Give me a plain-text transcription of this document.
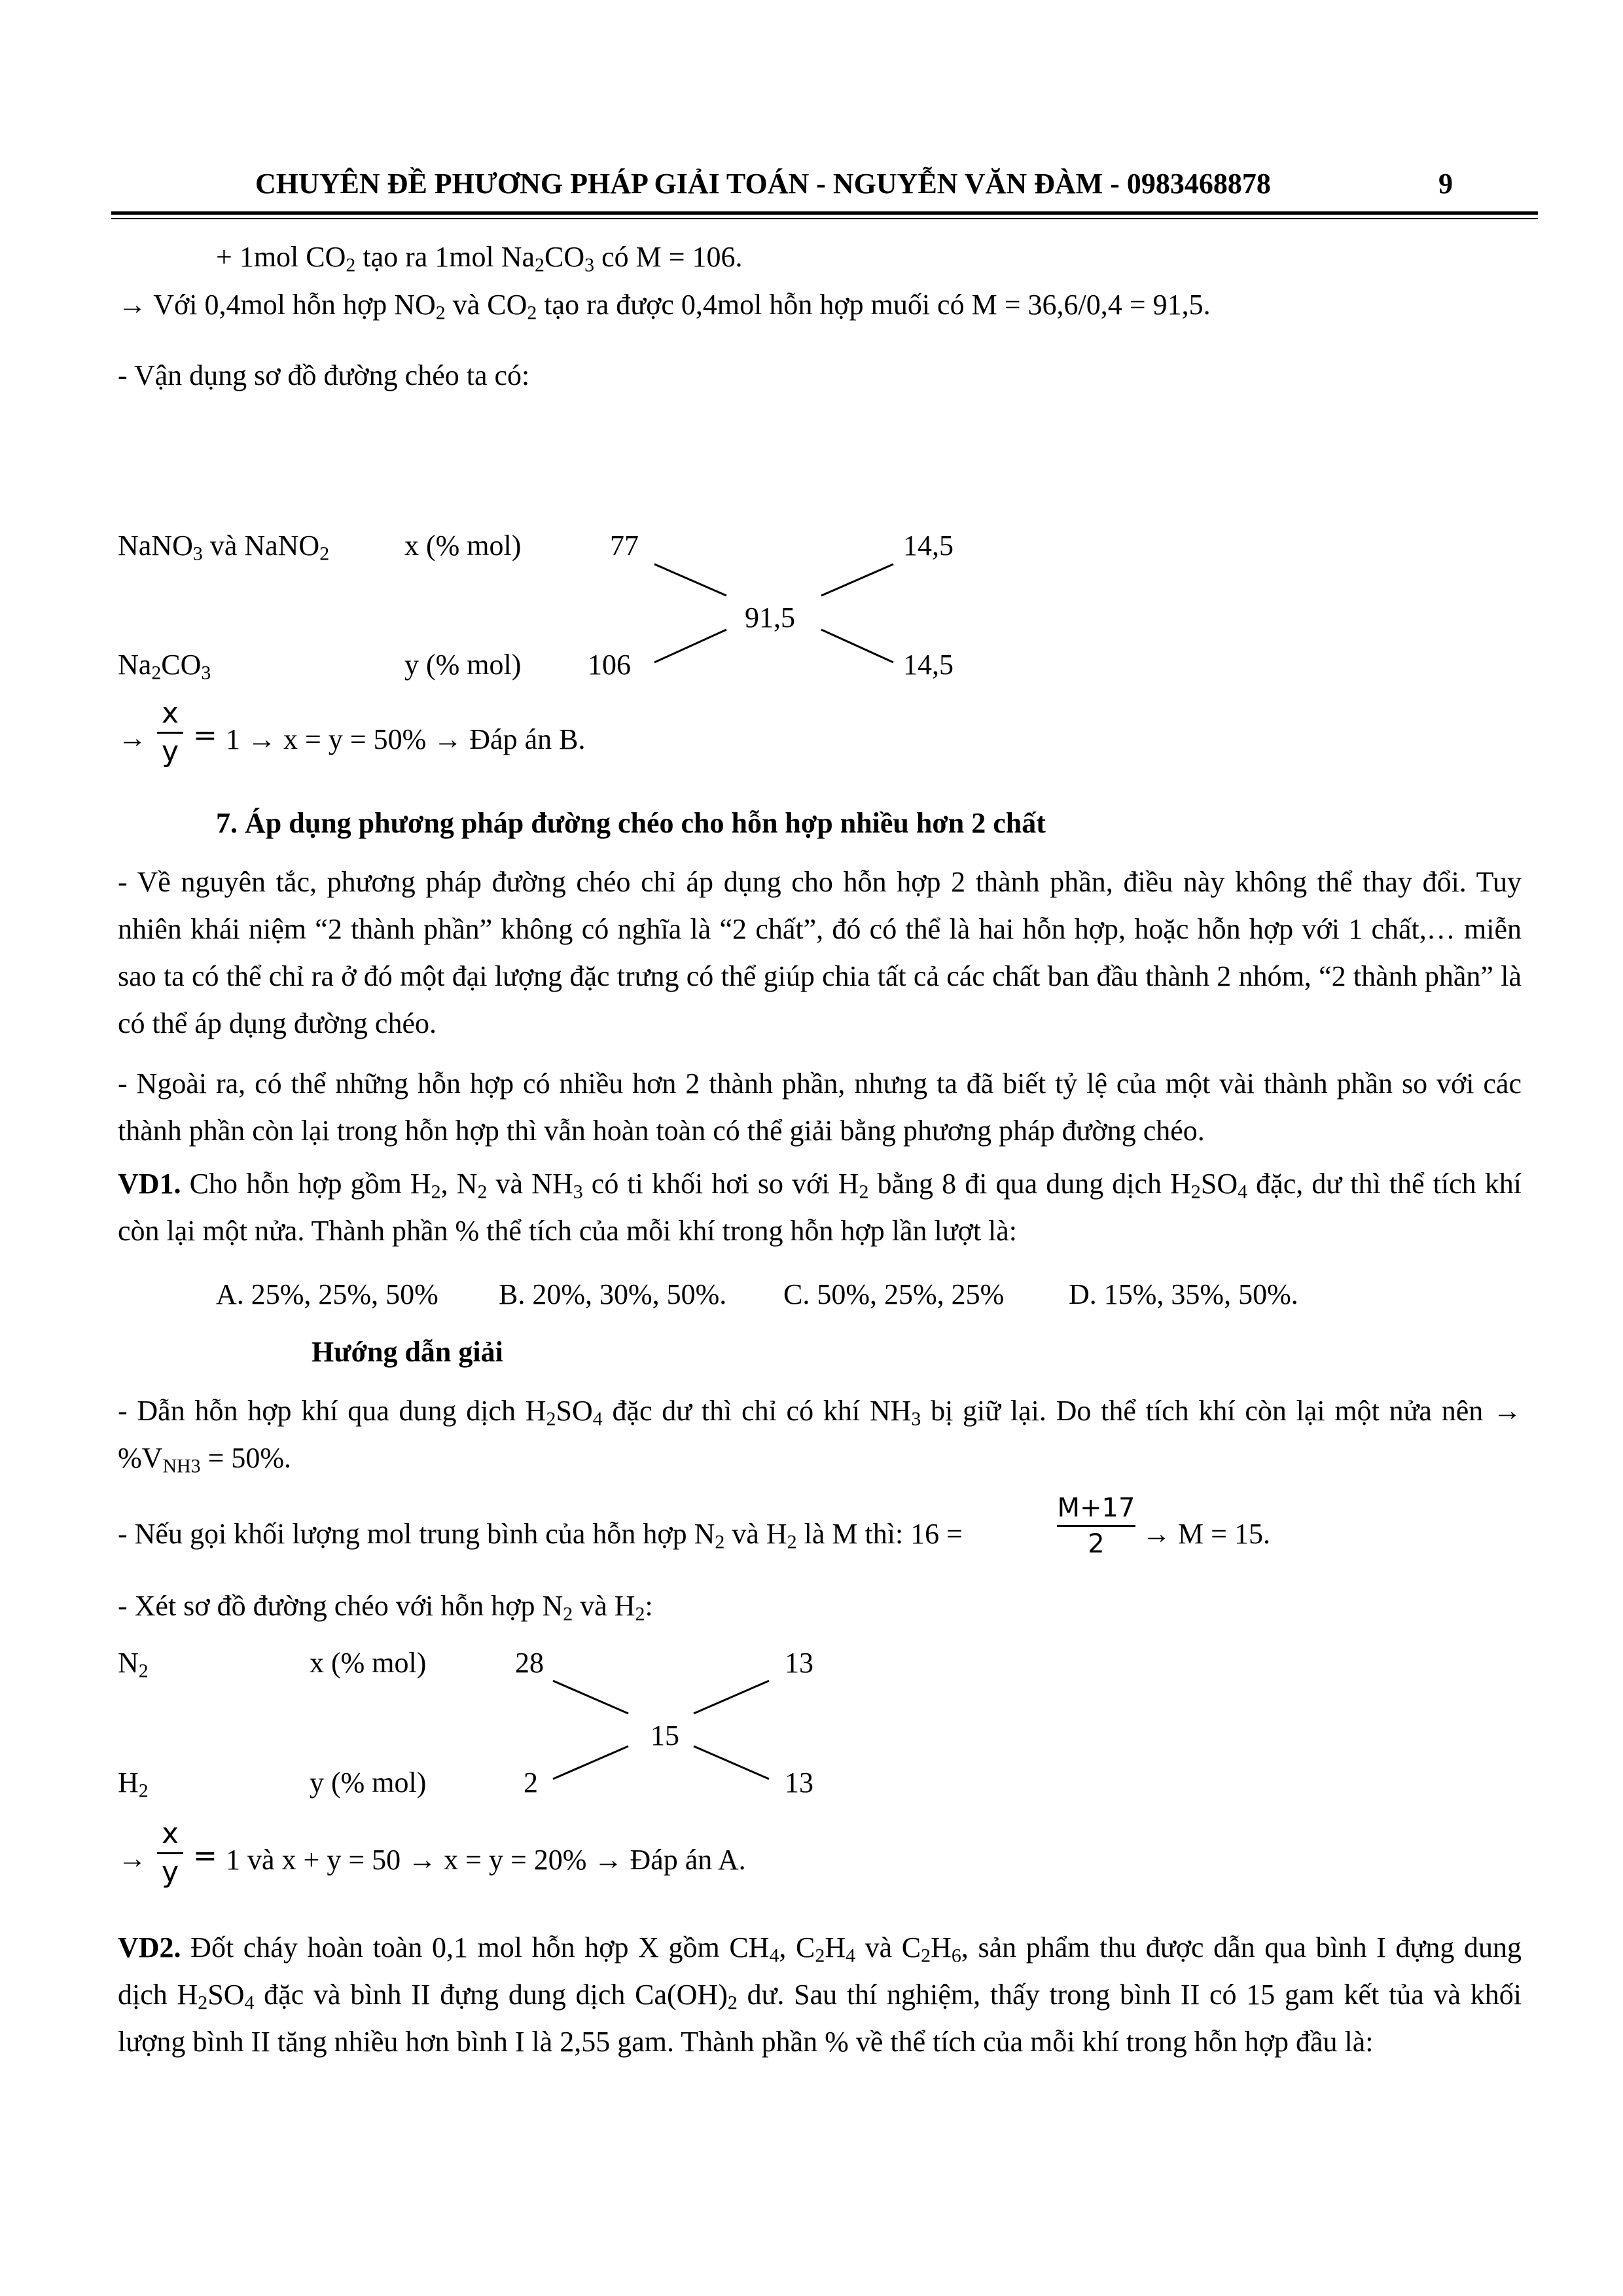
CHUYÊN ĐỀ PHƯƠNG PHÁP GIẢI TOÁN - NGUYỄN VĂN ĐÀM - 0983468878	9
+ 1mol $CO_2$ tạo ra 1mol $Na_2CO_3$ có M = 106.
→ Với 0,4mol hỗn hợp $NO_2$ và $CO_2$ tạo ra được 0,4mol hỗn hợp muối có M = 36,6/0,4 = 91,5.
- Vận dụng sơ đồ đường chéo ta có:
NaNO$_3$ và NaNO$_2$	x (% mol)	77	14,5
91,5
$Na_2CO_3$	y (% mol) 106	14,5
→
x
y = 1 → x = y = 50% → Đáp án B.
7. Áp dụng phương pháp đường chéo cho hỗn hợp nhiều hơn 2 chất

- Về nguyên tắc, phương pháp đường chéo chỉ áp dụng cho hỗn hợp 2 thành phần, điều này không thể thay đổi. Tuy nhiên khái niệm “2 thành phần” không có nghĩa là “2 chất”, đó có thể là hai hỗn hợp, hoặc hỗn hợp với 1 chất,… miễn sao ta có thể chỉ ra ở đó một đại lượng đặc trưng có thể giúp chia tất cả các chất ban đầu thành 2 nhóm, “2 thành phần” là có thể áp dụng đường chéo.

- Ngoài ra, có thể những hỗn hợp có nhiều hơn 2 thành phần, nhưng ta đã biết tỷ lệ của một vài thành phần so với các thành phần còn lại trong hỗn hợp thì vẫn hoàn toàn có thể giải bằng phương pháp đường chéo.

VD1. Cho hỗn hợp gồm $H_2$, $N_2$ và $NH_3$ có ti khối hơi so với $H_2$ bằng 8 đi qua dung dịch $H_2SO_4$ đặc, dư thì thể tích khí còn lại một nửa. Thành phần % thể tích của mỗi khí trong hỗn hợp lần lượt là:

A. 25%, 25%, 50% B. 20%, 30%, 50%. C. 50%, 25%, 25% D. 15%, 35%, 50%.
Hướng dẫn giải

- Dẫn hỗn hợp khí qua dung dịch $H_2SO_4$ đặc dư thì chỉ có khí $NH_3$ bị giữ lại. Do thể tích khí còn lại một nửa nên → $\%V_{NH3} = 50\%$.

- Nếu gọi khối lượng mol trung bình của hỗn hợp $N_2$ và $H_2$ là M thì: 16 =
M+17
2	→ M = 15.
- Xét sơ đồ đường chéo với hỗn hợp $N_2$ và $H_2$:
$N_2$	x (% mol)	28	13
15
$H_2$	y (% mol)	2	13
→
x
y = 1 và x + y = 50 → x = y = 20% → Đáp án A.

VD2. Đốt cháy hoàn toàn 0,1 mol hỗn hợp X gồm $CH_4$, $C_2H_4$ và $C_2H_6$, sản phẩm thu được dẫn qua bình I đựng dung dịch $H_2SO_4$ đặc và bình II đựng dung dịch $Ca(OH)_2$ dư. Sau thí nghiệm, thấy trong bình II có 15 gam kết tủa và khối lượng bình II tăng nhiều hơn bình I là 2,55 gam. Thành phần % về thể tích của mỗi khí trong hỗn hợp đầu là:
